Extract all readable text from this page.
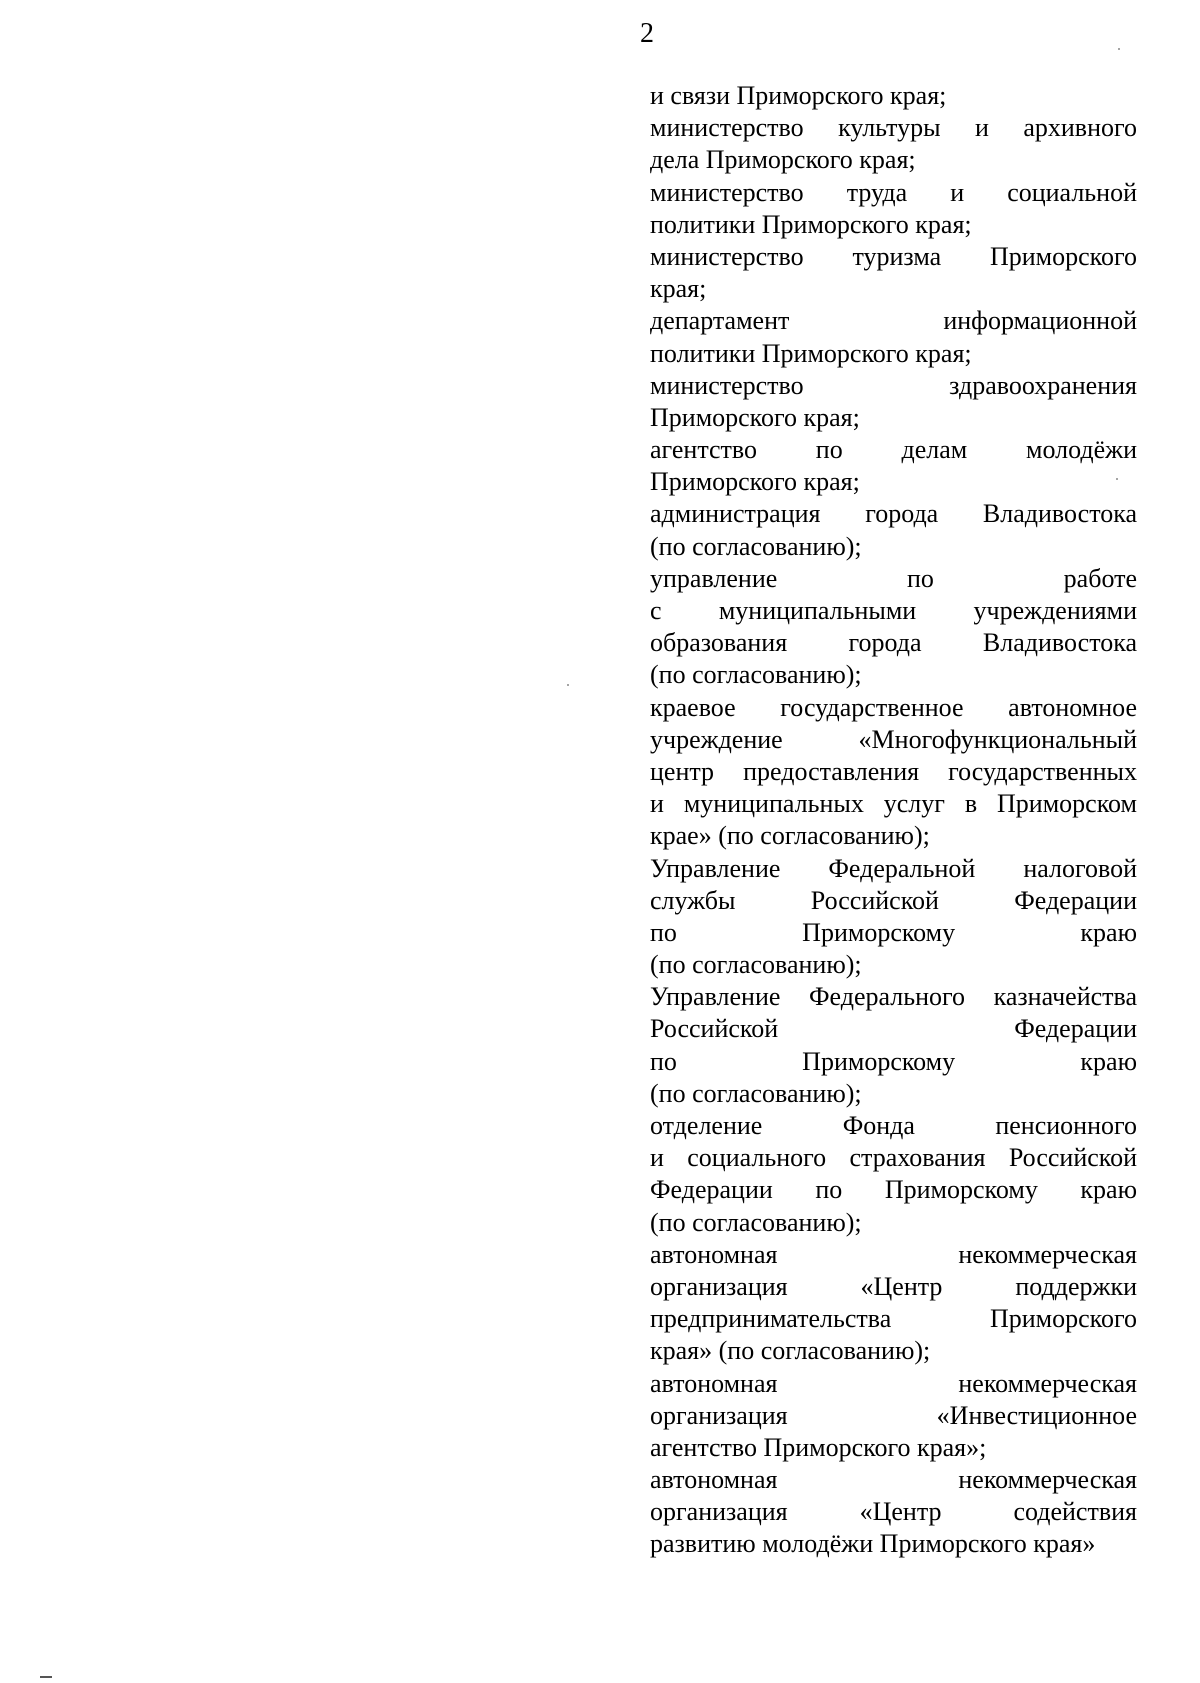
2
и связи Приморского края;
министерство культуры и архивного
дела Приморского края;
министерство труда и социальной
политики Приморского края;
министерство туризма Приморского
края;
департамент информационной
политики Приморского края;
министерство здравоохранения
Приморского края;
агентство по делам молодёжи
Приморского края;
администрация города Владивостока
(по согласованию);
управление по работе
с муниципальными учреждениями
образования города Владивостока
(по согласованию);
краевое государственное автономное
учреждение «Многофункциональный
центр предоставления государственных
и муниципальных услуг в Приморском
крае» (по согласованию);
Управление Федеральной налоговой
службы Российской Федерации
по Приморскому краю
(по согласованию);
Управление Федерального казначейства
Российской Федерации
по Приморскому краю
(по согласованию);
отделение Фонда пенсионного
и социального страхования Российской
Федерации по Приморскому краю
(по согласованию);
автономная некоммерческая
организация «Центр поддержки
предпринимательства Приморского
края» (по согласованию);
автономная некоммерческая
организация «Инвестиционное
агентство Приморского края»;
автономная некоммерческая
организация «Центр содействия
развитию молодёжи Приморского края»
